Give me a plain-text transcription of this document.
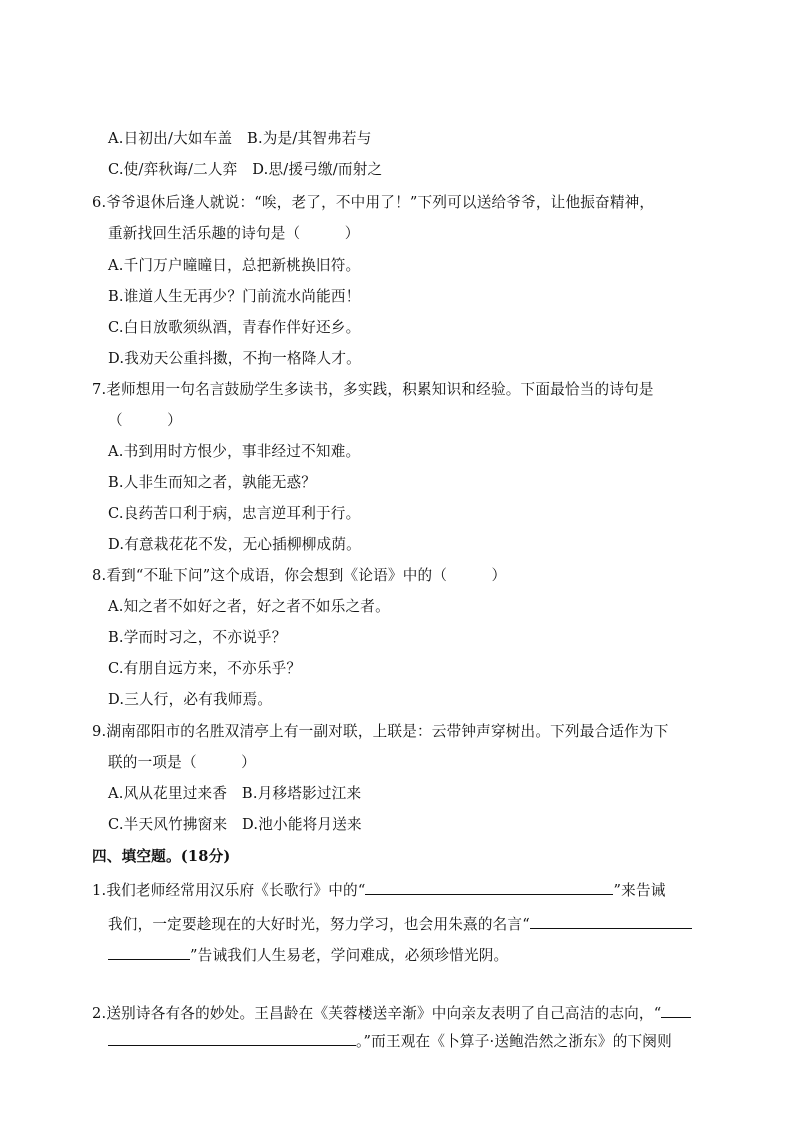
A.日初出/大如车盖　B.为是/其智弗若与
C.使/弈秋诲/二人弈　D.思/援弓缴/而射之
6.爷爷退休后逢人就说：“唉，老了，不中用了！”下列可以送给爷爷，让他振奋精神，
重新找回生活乐趣的诗句是（　　　）
A.千门万户曈曈日，总把新桃换旧符。
B.谁道人生无再少？门前流水尚能西！
C.白日放歌须纵酒，青春作伴好还乡。
D.我劝天公重抖擞，不拘一格降人才。
7.老师想用一句名言鼓励学生多读书，多实践，积累知识和经验。下面最恰当的诗句是
（　　　）
A.书到用时方恨少，事非经过不知难。
B.人非生而知之者，孰能无惑？
C.良药苦口利于病，忠言逆耳利于行。
D.有意栽花花不发，无心插柳柳成荫。
8.看到“不耻下问”这个成语，你会想到《论语》中的（　　　）
A.知之者不如好之者，好之者不如乐之者。
B.学而时习之，不亦说乎？
C.有朋自远方来，不亦乐乎？
D.三人行，必有我师焉。
9.湖南邵阳市的名胜双清亭上有一副对联，上联是：云带钟声穿树出。下列最合适作为下
联的一项是（　　　）
A.风从花里过来香　B.月移塔影过江来
C.半天风竹拂窗来　D.池小能将月送来
四、填空题。(18分)
1.我们老师经常用汉乐府《长歌行》中的“	”来告诫
我们，一定要趁现在的大好时光，努力学习，也会用朱熹的名言“
”告诫我们人生易老，学问难成，必须珍惜光阴。
2.送别诗各有各的妙处。王昌龄在《芙蓉楼送辛渐》中向亲友表明了自己高洁的志向，“
。”而王观在《卜算子·送鲍浩然之浙东》的下阕则
